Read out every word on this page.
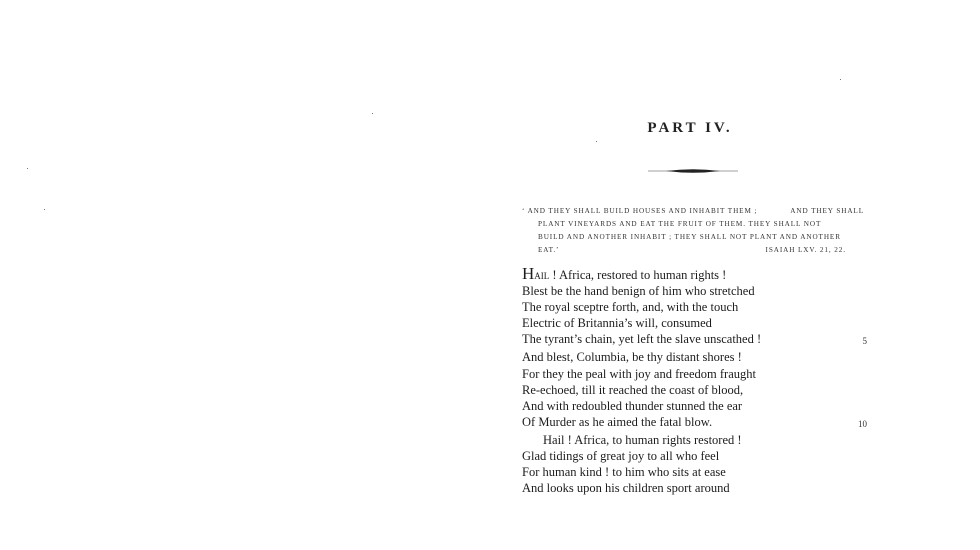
PART IV.
‘ AND THEY SHALL BUILD HOUSES AND INHABIT THEM ;	AND THEY SHALL
PLANT VINEYARDS AND EAT THE FRUIT OF THEM. THEY SHALL NOT
BUILD AND ANOTHER INHABIT ; THEY SHALL NOT PLANT AND ANOTHER
EAT.’	ISAIAH LXV. 21, 22.
Hail ! Africa, restored to human rights !
Blest be the hand benign of him who stretched
The royal sceptre forth, and, with the touch
Electric of Britannia’s will, consumed
The tyrant’s chain, yet left the slave unscathed !	5
And blest, Columbia, be thy distant shores !
For they the peal with joy and freedom fraught
Re-echoed, till it reached the coast of blood,
And with redoubled thunder stunned the ear
Of Murder as he aimed the fatal blow.	10
Hail ! Africa, to human rights restored !
Glad tidings of great joy to all who feel
For human kind ! to him who sits at ease
And looks upon his children sport around
